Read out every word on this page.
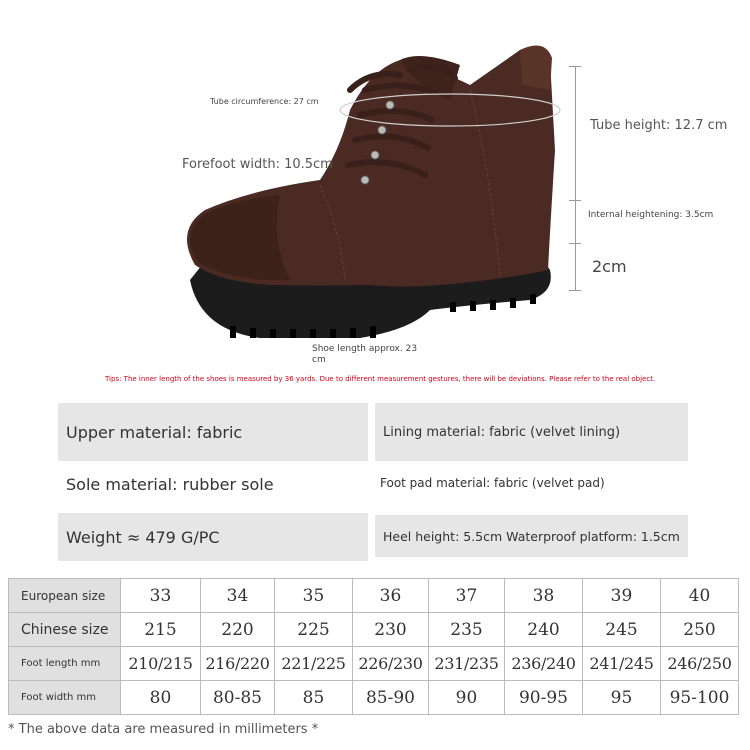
Tube circumference: 27 cm
Forefoot width: 10.5cm
Tube height: 12.7 cm
Internal heightening: 3.5cm
2cm
Shoe length approx. 23 cm
Tips: The inner length of the shoes is measured by 36 yards. Due to different measurement gestures, there will be deviations. Please refer to the real object.
Upper material: fabric	Lining material: fabric (velvet lining)
Sole material: rubber sole	Foot pad material: fabric (velvet pad)
Weight ≈ 479 G/PC	Heel height: 5.5cm Waterproof platform: 1.5cm
European size	33	34	35	36	37	38	39	40
Chinese size	215	220	225	230	235	240	245	250
Foot length mm	210/215	216/220	221/225	226/230	231/235	236/240	241/245	246/250
Foot width mm	80	80-85	85	85-90	90	90-95	95	95-100
* The above data are measured in millimeters *
